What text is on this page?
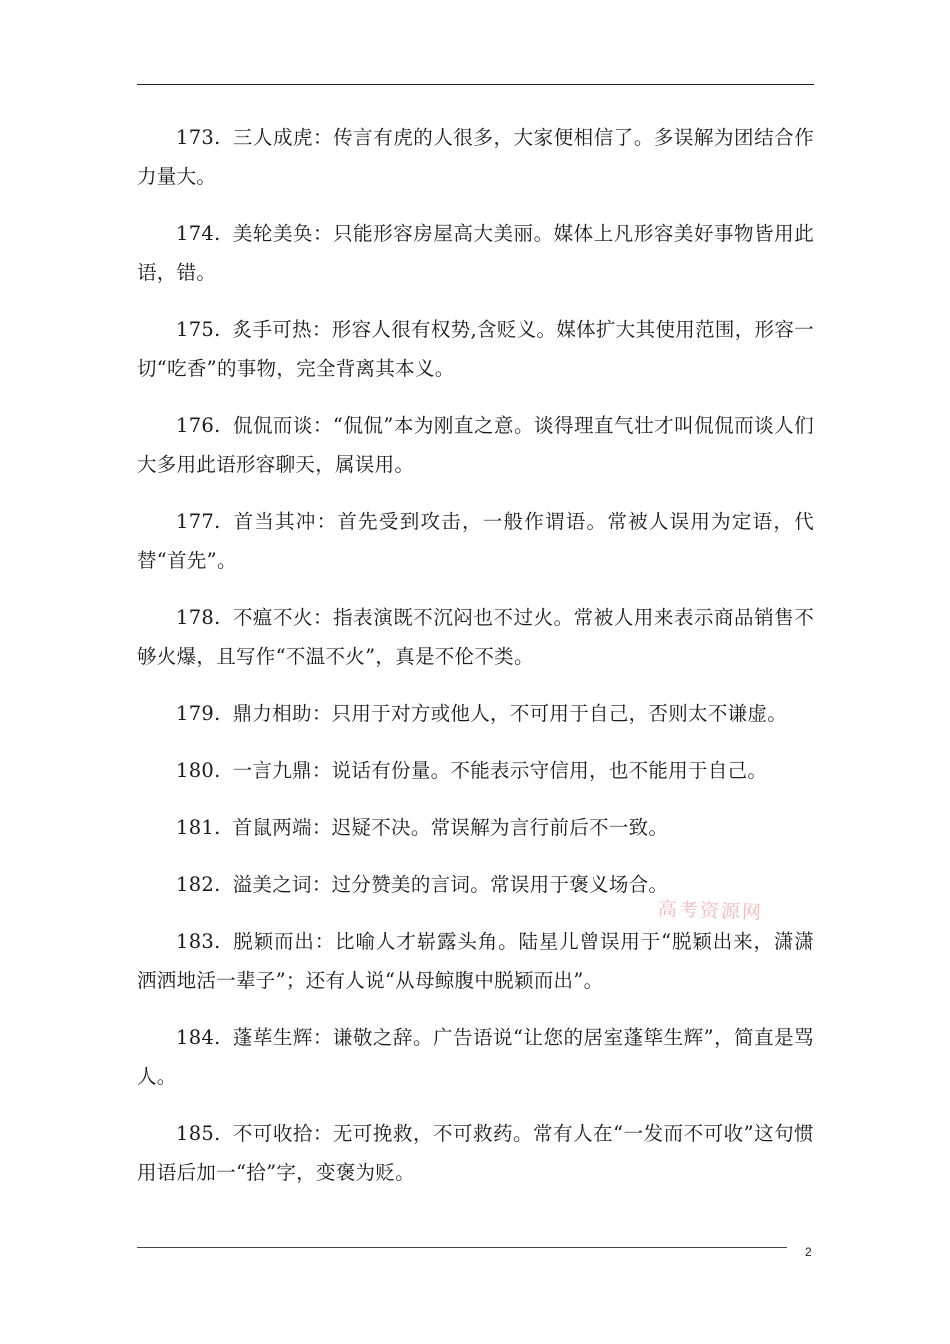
173. 三人成虎：传言有虎的人很多，大家便相信了。多误解为团结合作力量大。

174. 美轮美奂：只能形容房屋高大美丽。媒体上凡形容美好事物皆用此语，错。

175. 炙手可热：形容人很有权势,含贬义。媒体扩大其使用范围，形容一切“吃香”的事物，完全背离其本义。

176. 侃侃而谈：“侃侃”本为刚直之意。谈得理直气壮才叫侃侃而谈人们大多用此语形容聊天，属误用。

177. 首当其冲：首先受到攻击，一般作谓语。常被人误用为定语，代替“首先”。

178. 不瘟不火：指表演既不沉闷也不过火。常被人用来表示商品销售不够火爆，且写作“不温不火”，真是不伦不类。

179. 鼎力相助：只用于对方或他人，不可用于自己，否则太不谦虚。

180. 一言九鼎：说话有份量。不能表示守信用，也不能用于自己。

181. 首鼠两端：迟疑不决。常误解为言行前后不一致。

182. 溢美之词：过分赞美的言词。常误用于褒义场合。

183. 脱颖而出：比喻人才崭露头角。陆星儿曾误用于“脱颖出来，潇潇洒洒地活一辈子”；还有人说“从母鲸腹中脱颖而出”。

184. 蓬荜生辉：谦敬之辞。广告语说“让您的居室蓬筚生辉”，简直是骂人。

185. 不可收拾：无可挽救，不可救药。常有人在“一发而不可收”这句惯用语后加一“拾”字，变褒为贬。

高考资源网
2
